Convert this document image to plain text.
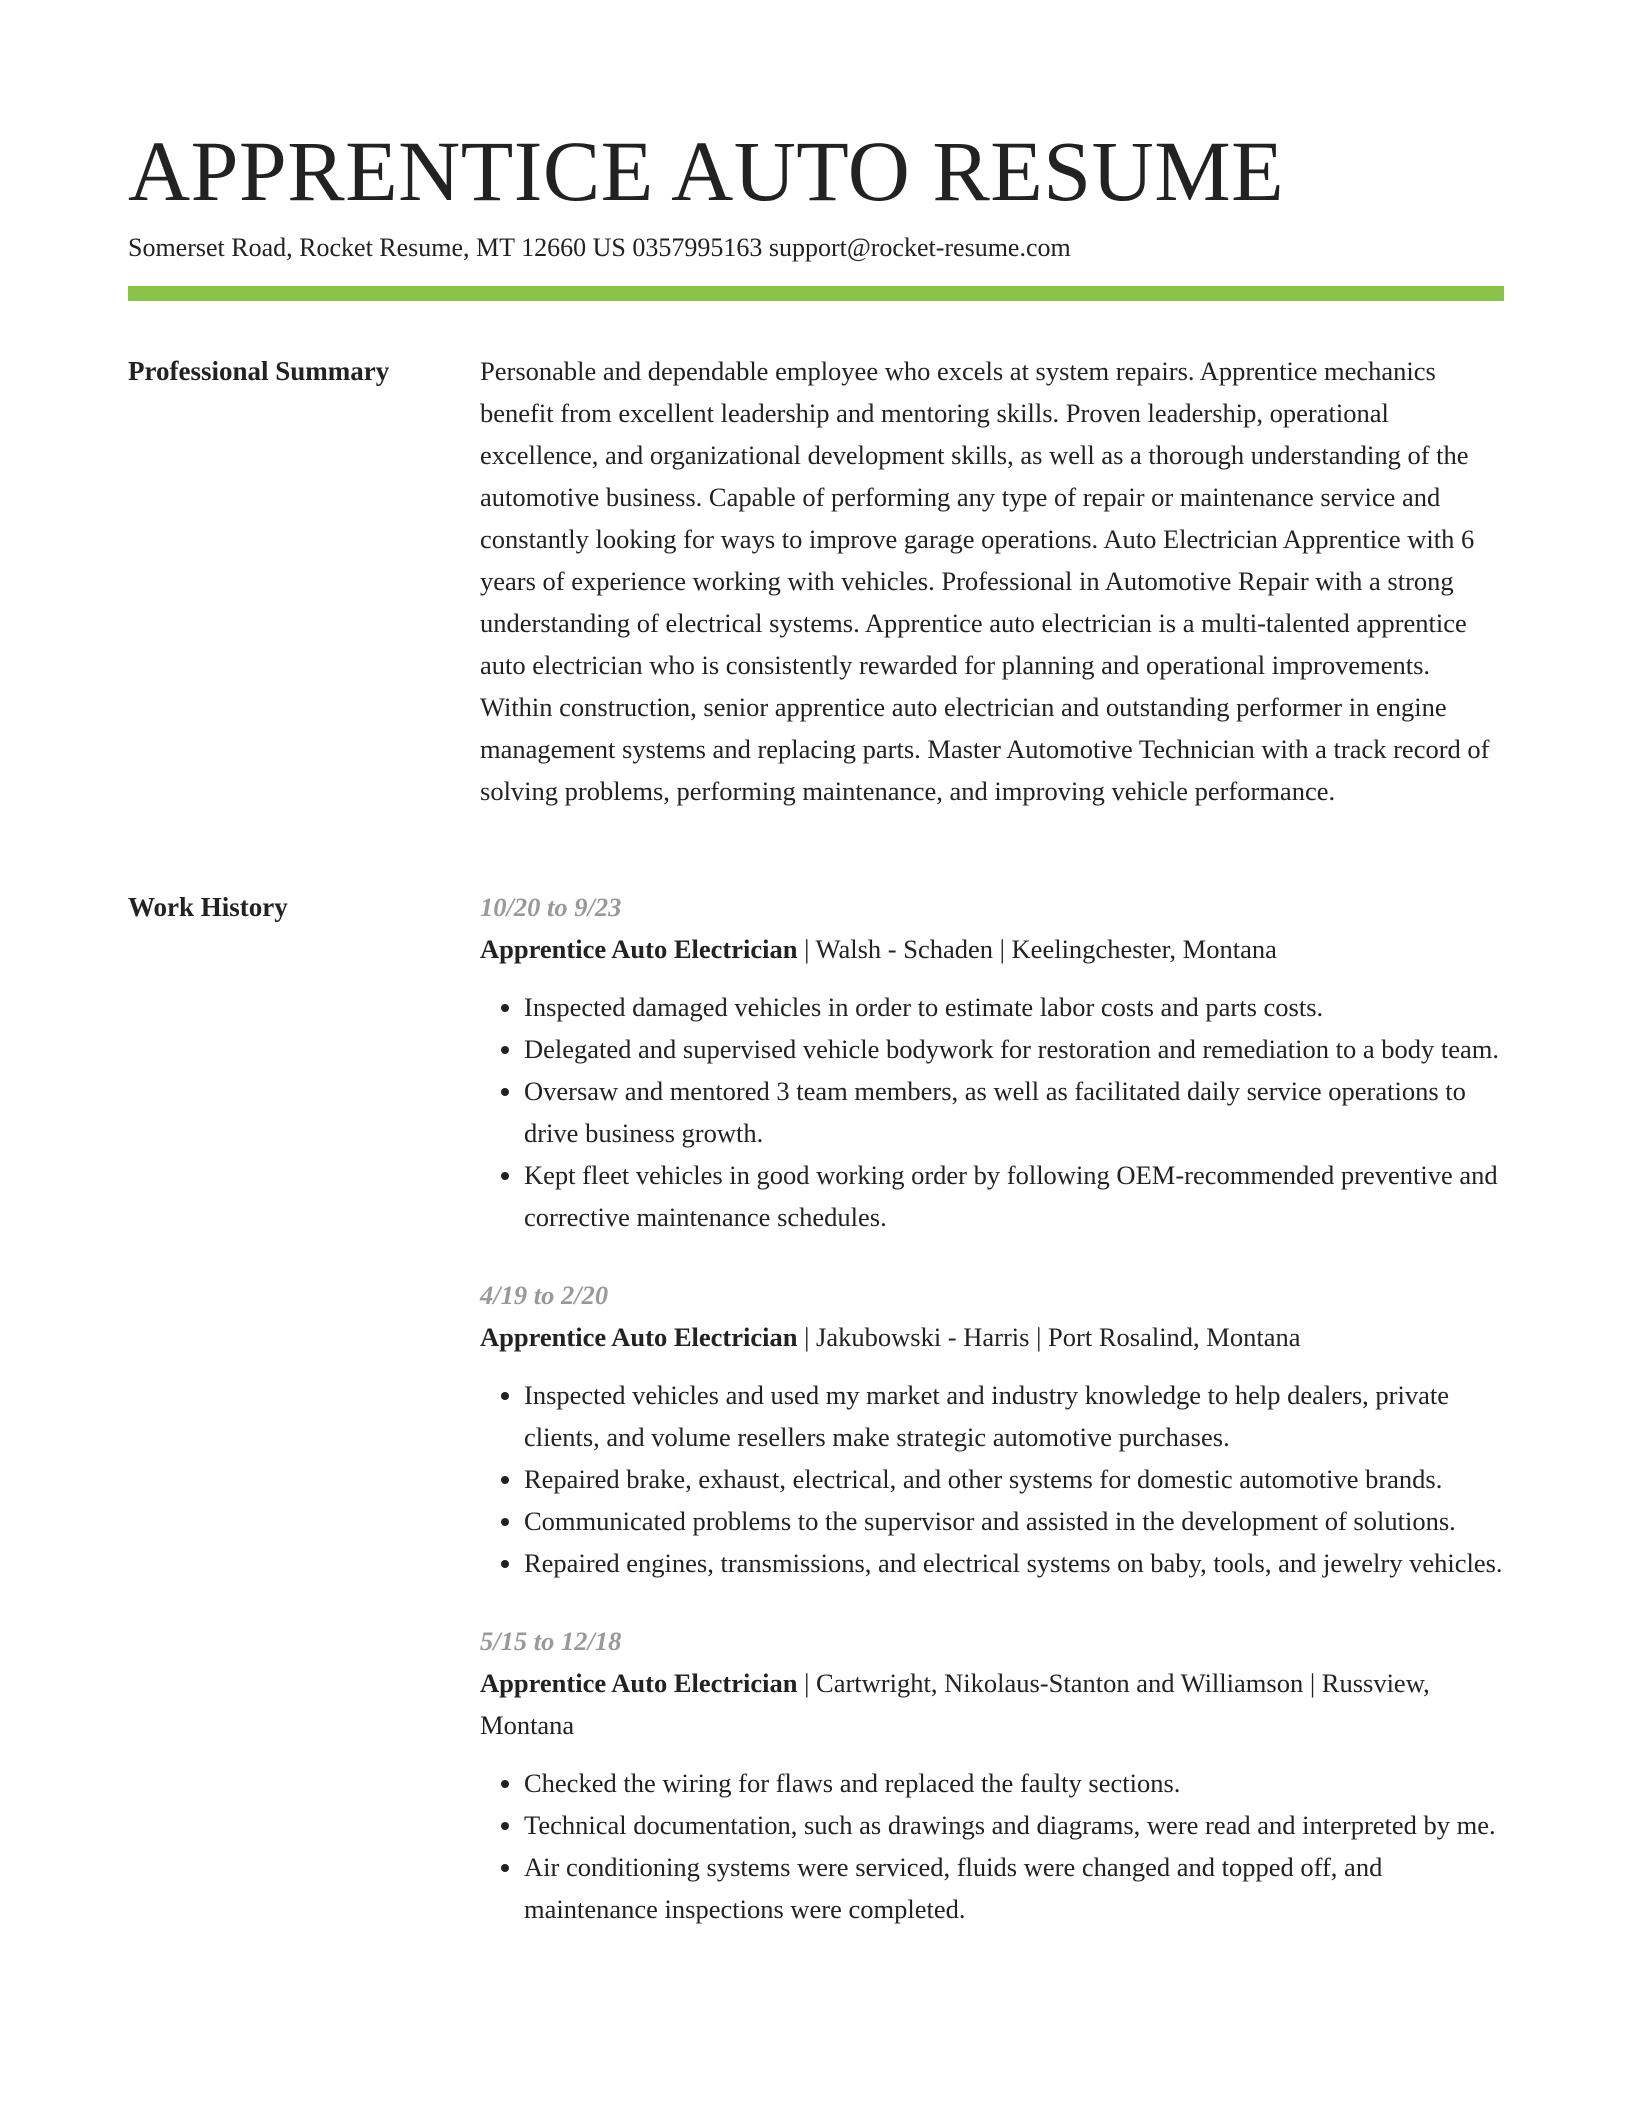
APPRENTICE AUTO RESUME
Somerset Road, Rocket Resume, MT 12660 US 0357995163 support@rocket-resume.com
Professional Summary	Personable and dependable employee who excels at system repairs. Apprentice mechanics benefit from excellent leadership and mentoring skills. Proven leadership, operational excellence, and organizational development skills, as well as a thorough understanding of the automotive business. Capable of performing any type of repair or maintenance service and constantly looking for ways to improve garage operations. Auto Electrician Apprentice with 6 years of experience working with vehicles. Professional in Automotive Repair with a strong understanding of electrical systems. Apprentice auto electrician is a multi-talented apprentice auto electrician who is consistently rewarded for planning and operational improvements. Within construction, senior apprentice auto electrician and outstanding performer in engine management systems and replacing parts. Master Automotive Technician with a track record of solving problems, performing maintenance, and improving vehicle performance.

Work History	10/20 to 9/23
Apprentice Auto Electrician | Walsh - Schaden | Keelingchester, Montana
• Inspected damaged vehicles in order to estimate labor costs and parts costs.
• Delegated and supervised vehicle bodywork for restoration and remediation to a body team.
• Oversaw and mentored 3 team members, as well as facilitated daily service operations to drive business growth.
• Kept fleet vehicles in good working order by following OEM-recommended preventive and corrective maintenance schedules.
4/19 to 2/20
Apprentice Auto Electrician | Jakubowski - Harris | Port Rosalind, Montana
• Inspected vehicles and used my market and industry knowledge to help dealers, private clients, and volume resellers make strategic automotive purchases.
• Repaired brake, exhaust, electrical, and other systems for domestic automotive brands.
• Communicated problems to the supervisor and assisted in the development of solutions.
• Repaired engines, transmissions, and electrical systems on baby, tools, and jewelry vehicles.
5/15 to 12/18
Apprentice Auto Electrician | Cartwright, Nikolaus-Stanton and Williamson | Russview, Montana
• Checked the wiring for flaws and replaced the faulty sections.
• Technical documentation, such as drawings and diagrams, were read and interpreted by me.
• Air conditioning systems were serviced, fluids were changed and topped off, and maintenance inspections were completed.
